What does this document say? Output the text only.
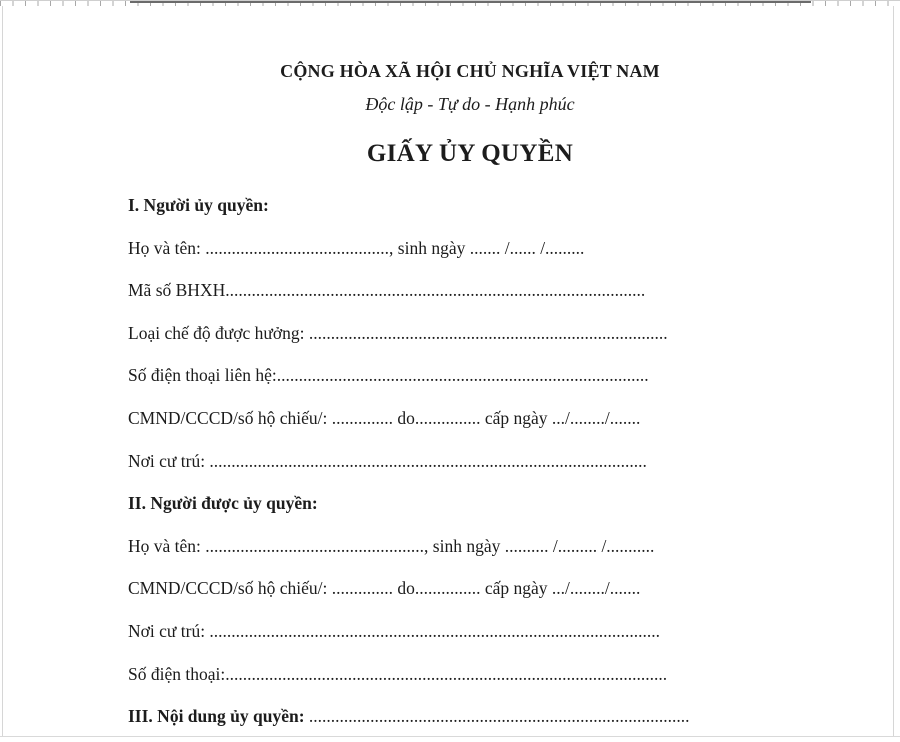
CỘNG HÒA XÃ HỘI CHỦ NGHĨA VIỆT NAM
Độc lập - Tự do - Hạnh phúc
GIẤY ỦY QUYỀN

I. Người ủy quyền:

Họ và tên: .........................................., sinh ngày ....... /...... /.........

Mã số BHXH................................................................................................

Loại chế độ được hưởng: ..................................................................................

Số điện thoại liên hệ:.....................................................................................

CMND/CCCD/số hộ chiếu/: .............. do............... cấp ngày .../......../.......

Nơi cư trú: ....................................................................................................

II. Người được ủy quyền:

Họ và tên: .................................................., sinh ngày .......... /......... /...........

CMND/CCCD/số hộ chiếu/: .............. do............... cấp ngày .../......../.......

Nơi cư trú: .......................................................................................................

Số điện thoại:.....................................................................................................

III. Nội dung ủy quyền: .......................................................................................
